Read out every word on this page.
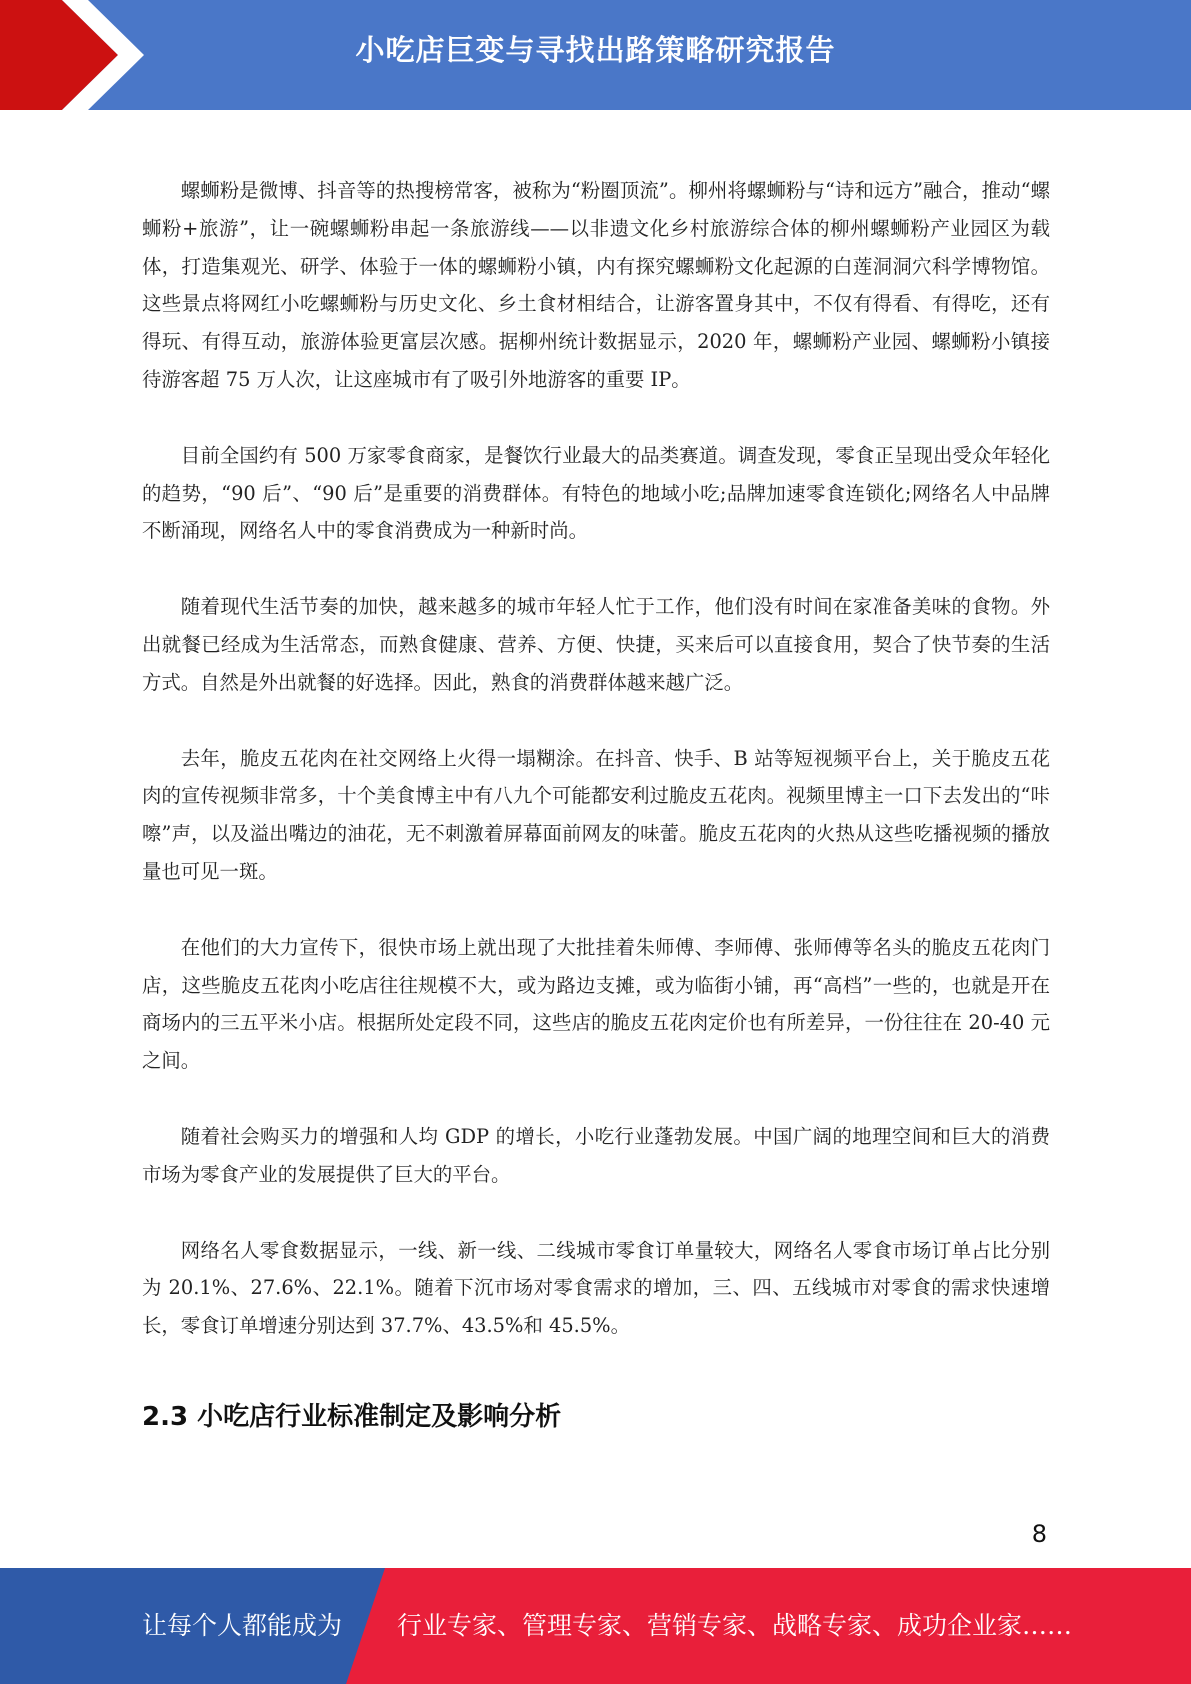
小吃店巨变与寻找出路策略研究报告

螺蛳粉是微博、抖音等的热搜榜常客，被称为“粉圈顶流”。柳州将螺蛳粉与“诗和远方”融合，推动“螺蛳粉+旅游”，让一碗螺蛳粉串起一条旅游线——以非遗文化乡村旅游综合体的柳州螺蛳粉产业园区为载体，打造集观光、研学、体验于一体的螺蛳粉小镇，内有探究螺蛳粉文化起源的白莲洞洞穴科学博物馆。这些景点将网红小吃螺蛳粉与历史文化、乡土食材相结合，让游客置身其中，不仅有得看、有得吃，还有得玩、有得互动，旅游体验更富层次感。据柳州统计数据显示，2020 年，螺蛳粉产业园、螺蛳粉小镇接待游客超 75 万人次，让这座城市有了吸引外地游客的重要 IP。

目前全国约有 500 万家零食商家，是餐饮行业最大的品类赛道。调查发现，零食正呈现出受众年轻化的趋势，“90 后”、“90 后”是重要的消费群体。有特色的地域小吃;品牌加速零食连锁化;网络名人中品牌不断涌现，网络名人中的零食消费成为一种新时尚。

随着现代生活节奏的加快，越来越多的城市年轻人忙于工作，他们没有时间在家准备美味的食物。外出就餐已经成为生活常态，而熟食健康、营养、方便、快捷，买来后可以直接食用，契合了快节奏的生活方式。自然是外出就餐的好选择。因此，熟食的消费群体越来越广泛。

去年，脆皮五花肉在社交网络上火得一塌糊涂。在抖音、快手、B 站等短视频平台上，关于脆皮五花肉的宣传视频非常多，十个美食博主中有八九个可能都安利过脆皮五花肉。视频里博主一口下去发出的“咔嚓”声，以及溢出嘴边的油花，无不刺激着屏幕面前网友的味蕾。脆皮五花肉的火热从这些吃播视频的播放量也可见一斑。

在他们的大力宣传下，很快市场上就出现了大批挂着朱师傅、李师傅、张师傅等名头的脆皮五花肉门店，这些脆皮五花肉小吃店往往规模不大，或为路边支摊，或为临街小铺，再“高档”一些的，也就是开在商场内的三五平米小店。根据所处定段不同，这些店的脆皮五花肉定价也有所差异，一份往往在 20-40 元之间。

随着社会购买力的增强和人均 GDP 的增长，小吃行业蓬勃发展。中国广阔的地理空间和巨大的消费市场为零食产业的发展提供了巨大的平台。

网络名人零食数据显示，一线、新一线、二线城市零食订单量较大，网络名人零食市场订单占比分别为 20.1%、27.6%、22.1%。随着下沉市场对零食需求的增加，三、四、五线城市对零食的需求快速增长，零食订单增速分别达到 37.7%、43.5%和 45.5%。

2.3 小吃店行业标准制定及影响分析
8
让每个人都能成为 行业专家、管理专家、营销专家、战略专家、成功企业家……
